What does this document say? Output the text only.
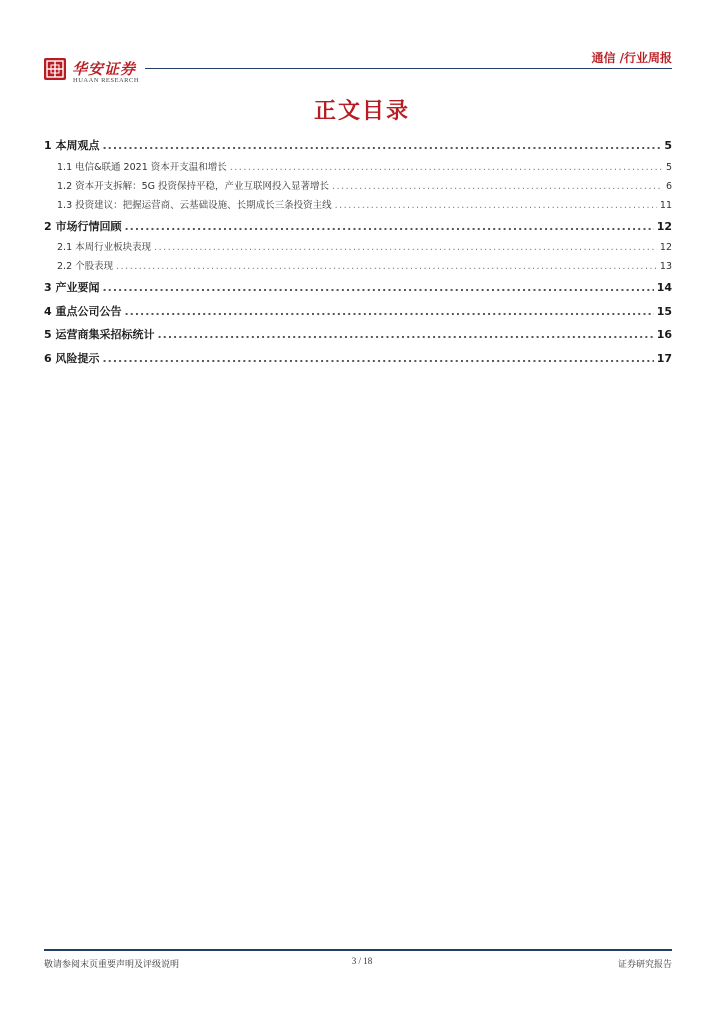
华安证券
HUAAN RESEARCH
通信 /行业周报
正文目录
1 本周观点 .....	5
1.1 电信&联通 2021 资本开支温和增长 .....	5
1.2 资本开支拆解：5G 投资保持平稳，产业互联网投入显著增长 .....	6
1.3 投资建议：把握运营商、云基础设施、长期成长三条投资主线 .....	11
2 市场行情回顾 .....	12
2.1 本周行业板块表现 .....	12
2.2 个股表现 .....	13
3 产业要闻 .....	14
4 重点公司公告 .....	15
5 运营商集采招标统计 .....	16
6 风险提示 .....	17
敬请参阅末页重要声明及评级说明	3 / 18	证券研究报告
